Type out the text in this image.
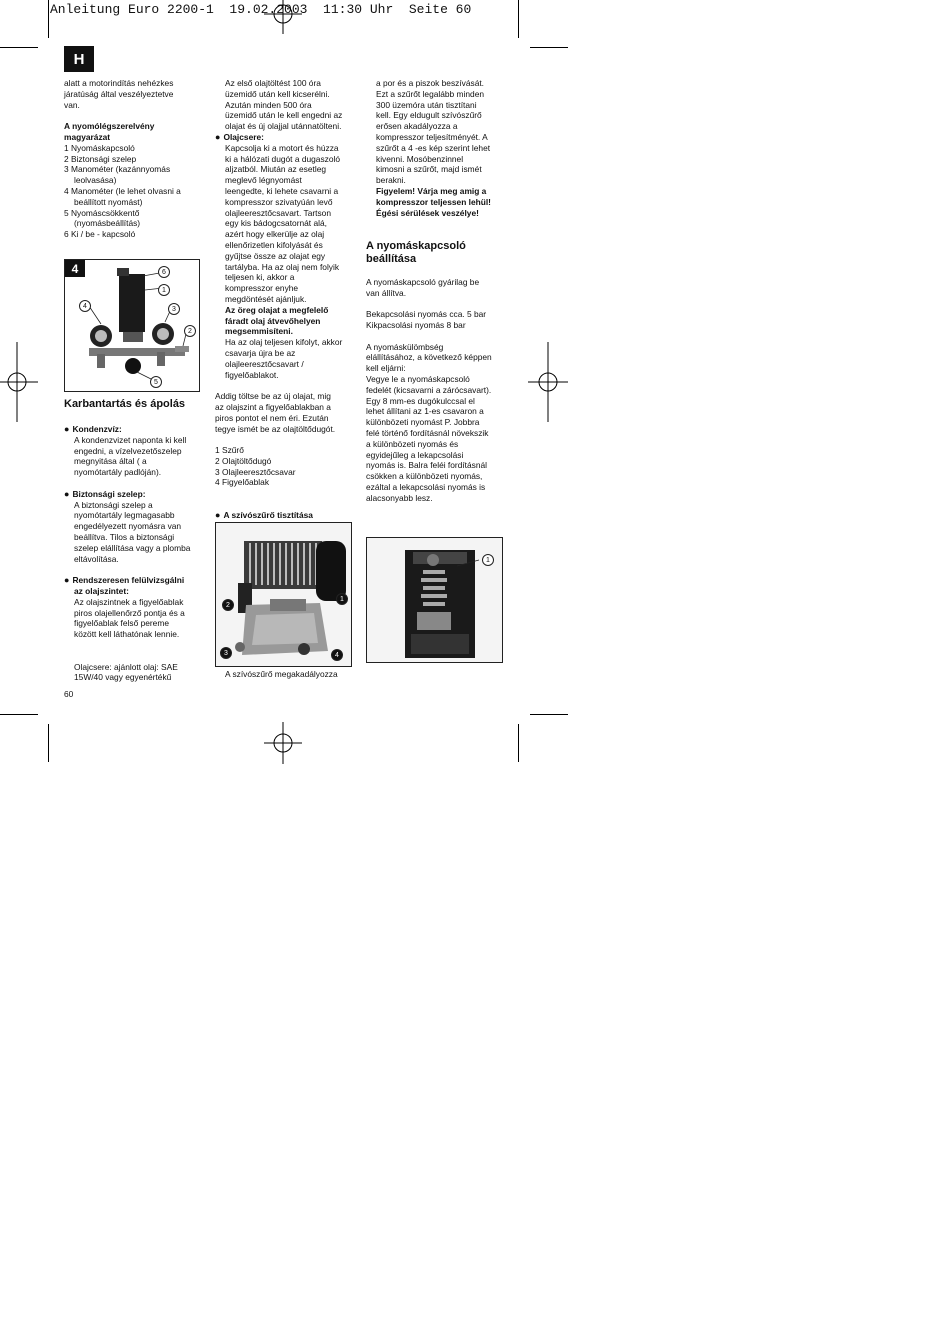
Anleitung Euro 2200-1  19.02.2003  11:30 Uhr  Seite 60
H

alatt a motorindítás nehézkes

járatúság által veszélyeztetve

van.

A nyomólégszerelvény

magyarázat

1 Nyomáskapcsoló

2 Biztonsági szelep

3 Manométer (kazánnyomás

leolvasása)

4 Manométer (le lehet olvasni a

beállított nyomást)

5 Nyomáscsökkentő

(nyomásbeállítás)

6 Ki / be - kapcsoló

4	6
1
4	3
2
5

Karbantartás és ápolás

● Kondenzvíz:

A kondenzvizet naponta ki kell

engedni, a vízelvezetőszelep

megnyitása által ( a

nyomótartály padlóján).

● Biztonsági szelep:

A biztonsági szelep a

nyomótartály legmagasabb

engedélyezett nyomásra van

beállítva. Tilos a biztonsági

szelep elállítása vagy a plomba

eltávolítása.

● Rendszeresen felülvizsgálni

az olajszintet:

Az olajszintnek a figyelőablak

piros olajellenőrző pontja és a

figyelőablak felső pereme

között kell láthatónak lennie.

Olajcsere: ajánlott olaj: SAE

15W/40 vagy egyenértékű

60

Az első olajtöltést 100 óra

üzemidő után kell kicserélni.

Azután minden 500 óra

üzemidő után le kell engedni az

olajat és új olajjal utánnatölteni.

● Olajcsere:

Kapcsolja ki a motort és húzza

ki a hálózati dugót a dugaszoló

aljzatból. Miután az esetleg

meglevő légnyomást

leengedte, ki lehete csavarni a

kompresszor szivatyúán levő

olajleeresztőcsavart. Tartson

egy kis bádogcsatornát alá,

azért hogy elkerülje az olaj

ellenőrizetlen kifolyását és

gyűjtse össze az olajat egy

tartályba. Ha az olaj nem folyik

teljesen ki, akkor a

kompresszor enyhe

megdöntését ajánljuk.

Az öreg olajat a megfelelő

fáradt olaj átvevőhelyen

megsemmisíteni.

Ha az olaj teljesen kifolyt, akkor

csavarja újra be az

olajleeresztőcsavart /

figyelőablakot.

Addig töltse be az új olajat, mig

az olajszint a figyelőablakban a

piros pontot el nem éri. Ezután

tegye ismét be az olajtöltődugót.

1 Szűrő

2 Olajtöltődugó

3 Olajleeresztőcsavar

4 Figyelőablak

● A szívószűrő tisztítása

2
1
3	4

A szívószűrő megakadályozza

a por és a piszok beszívását.

Ezt a szűrőt legalább minden

300 üzemóra után tisztítani

kell. Egy eldugult szívószűrő

erősen akadályozza a

kompresszor teljesítményét. A

szűrőt a 4 -es kép szerint lehet

kivenni. Mosóbenzinnel

kimosni a szűrőt, majd ismét

berakni.

Figyelem! Várja meg amig a

kompresszor teljessen lehül!

Égési sérülések veszélye!

A nyomáskapcsoló

beállítása

A nyomáskapcsoló gyárilag be

van állítva.

Bekapcsolási nyomás cca. 5 bar

Kikpacsolási nyomás 8 bar

A nyomáskülömbség

elállításához, a következő képpen

kell eljárni:

Vegye le a nyomáskapcsoló

fedelét (kicsavarni a zárócsavart).

Egy 8 mm-es dugókulccsal el

lehet állítani az 1-es csavaron a

különbözeti nyomást P. Jobbra

felé történő fordításnál növekszik

a különbözeti nyomás és

egyidejűleg a lekapcsolási

nyomás is. Balra feléi fordításnál

csökken a különbözeti nyomás,

ezáltal a lekapcsolási nyomás is

alacsonyabb lesz.

1
